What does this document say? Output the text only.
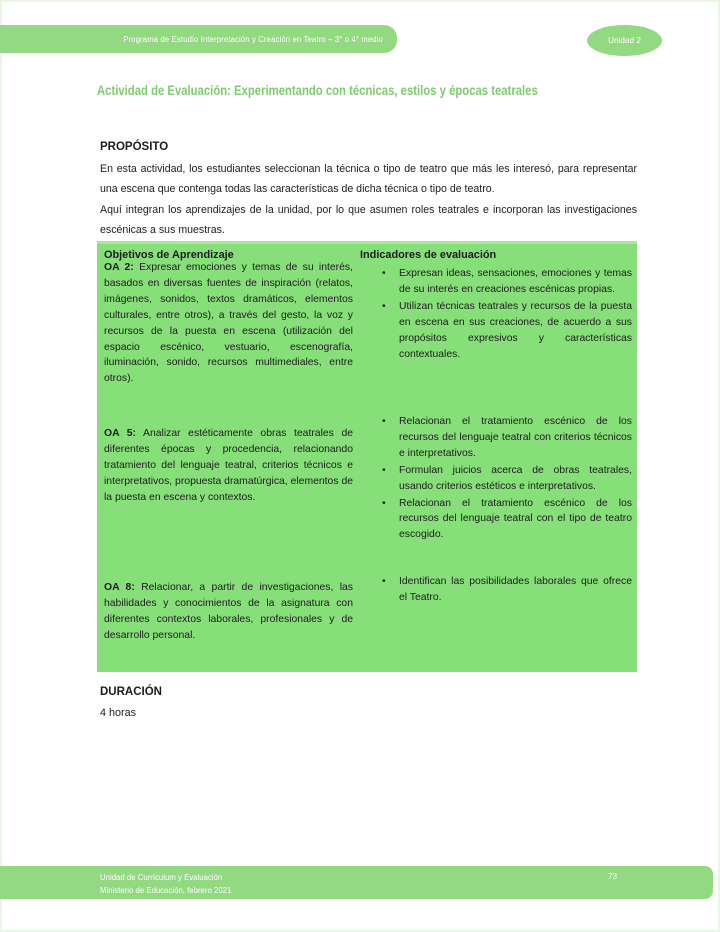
Programa de Estudio Interpretación y Creación en Teatro – 3° o 4° medio	Unidad 2
Actividad de Evaluación: Experimentando con técnicas, estilos y épocas teatrales
PROPÓSITO

En esta actividad, los estudiantes seleccionan la técnica o tipo de teatro que más les interesó, para representar una escena que contenga todas las características de dicha técnica o tipo de teatro.

Aquí integran los aprendizajes de la unidad, por lo que asumen roles teatrales e incorporan las investigaciones escénicas a sus muestras.

Objetivos de Aprendizaje	Indicadores de evaluación
OA 2: Expresar emociones y temas de su interés, basados en diversas fuentes de inspiración (relatos, imágenes, sonidos, textos dramáticos, elementos culturales, entre otros), a través del gesto, la voz y recursos de la puesta en escena (utilización del espacio escénico, vestuario, escenografía, iluminación, sonido, recursos multimediales, entre otros).
• Expresan ideas, sensaciones, emociones y temas de su interés en creaciones escénicas propias.
• Utilizan técnicas teatrales y recursos de la puesta en escena en sus creaciones, de acuerdo a sus propósitos expresivos y características contextuales.
OA 5: Analizar estéticamente obras teatrales de diferentes épocas y procedencia, relacionando tratamiento del lenguaje teatral, criterios técnicos e interpretativos, propuesta dramatúrgica, elementos de la puesta en escena y contextos.
• Relacionan el tratamiento escénico de los recursos del lenguaje teatral con criterios técnicos e interpretativos.
• Formulan juicios acerca de obras teatrales, usando criterios estéticos e interpretativos.
• Relacionan el tratamiento escénico de los recursos del lenguaje teatral con el tipo de teatro escogido.
OA 8: Relacionar, a partir de investigaciones, las habilidades y conocimientos de la asignatura con diferentes contextos laborales, profesionales y de desarrollo personal.
• Identifican las posibilidades laborales que ofrece el Teatro.
DURACIÓN

4 horas

Unidad de Currículum y Evaluación
Ministerio de Educación, febrero 2021
73
